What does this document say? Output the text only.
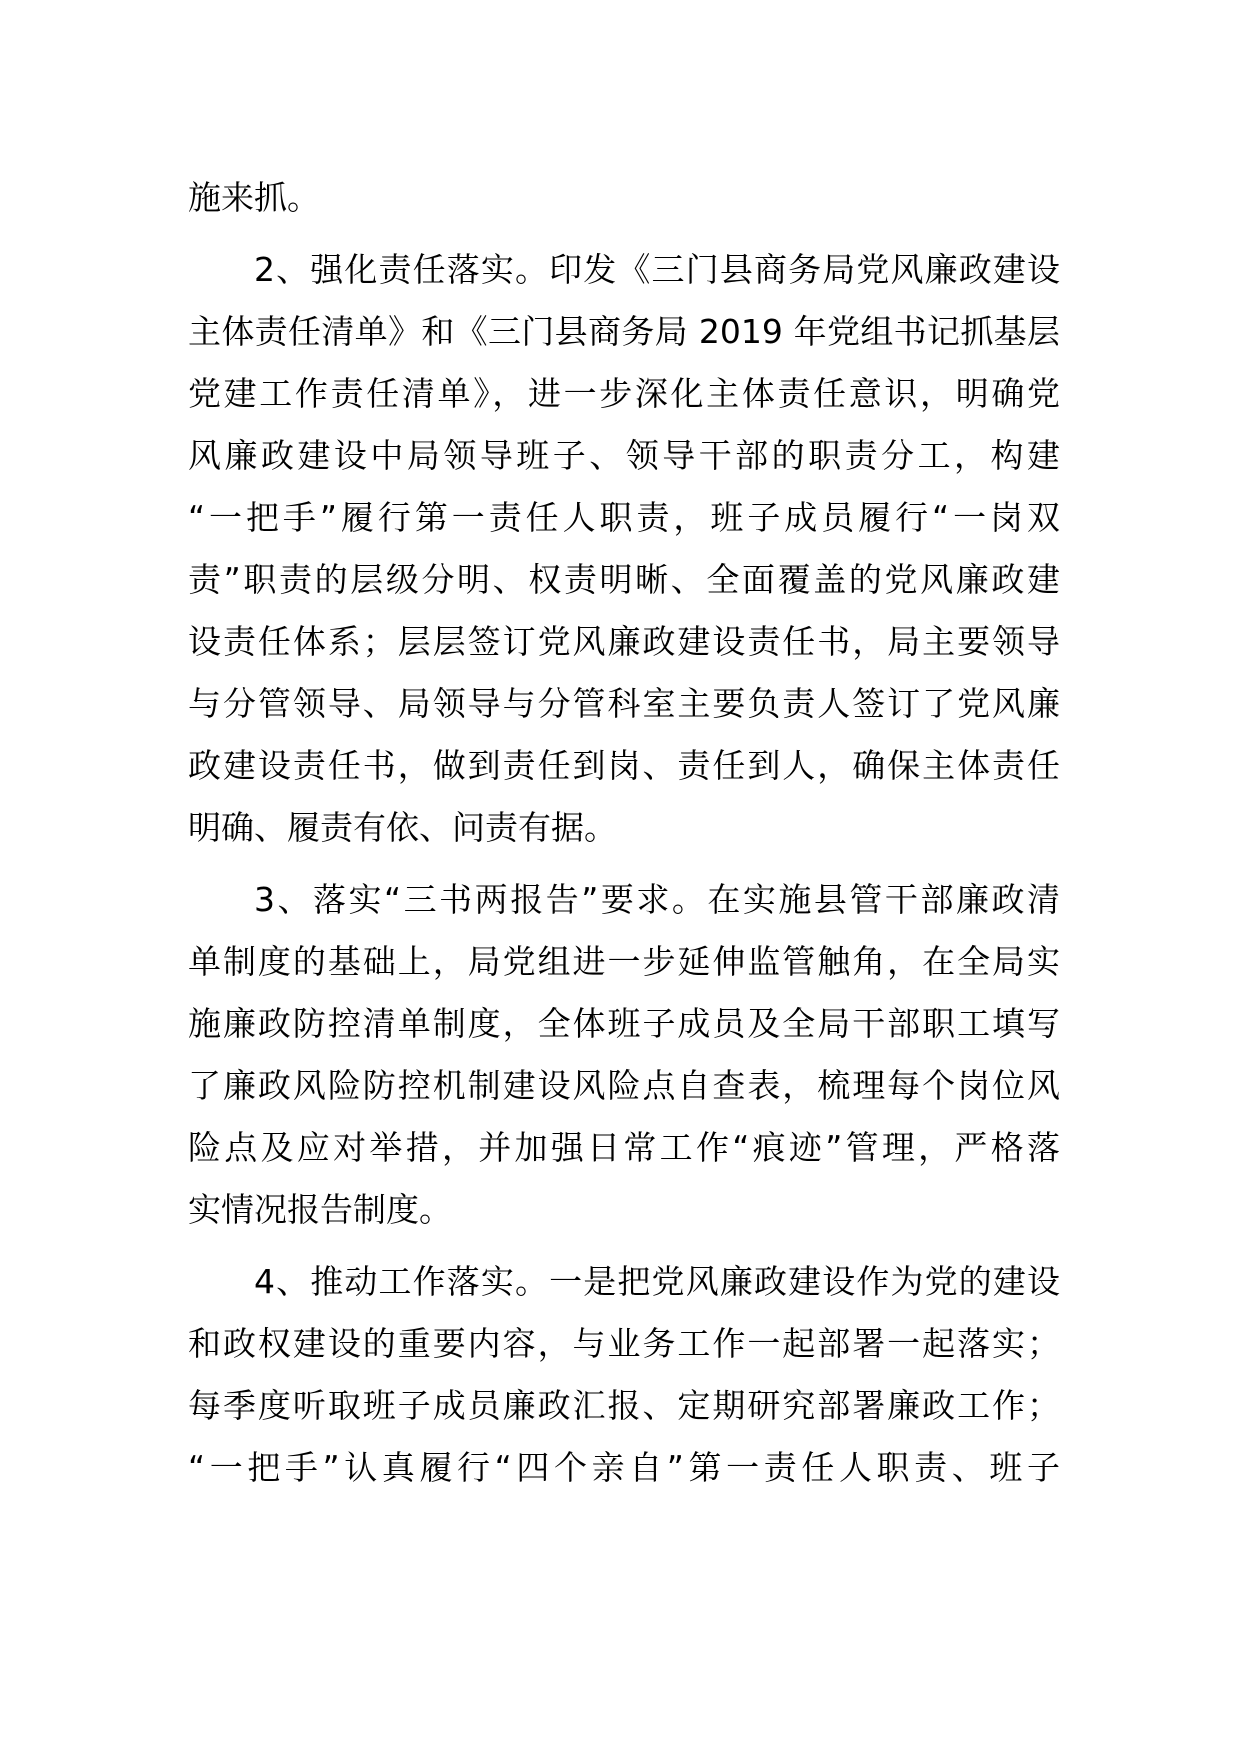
施来抓。
2、强化责任落实。印发《三门县商务局党风廉政建设
主体责任清单》和《三门县商务局 2019 年党组书记抓基层
党建工作责任清单》，进一步深化主体责任意识，明确党
风廉政建设中局领导班子、领导干部的职责分工，构建
“一把手”履行第一责任人职责，班子成员履行“一岗双
责”职责的层级分明、权责明晰、全面覆盖的党风廉政建
设责任体系；层层签订党风廉政建设责任书，局主要领导
与分管领导、局领导与分管科室主要负责人签订了党风廉
政建设责任书，做到责任到岗、责任到人，确保主体责任
明确、履责有依、问责有据。
3、落实“三书两报告”要求。在实施县管干部廉政清
单制度的基础上，局党组进一步延伸监管触角，在全局实
施廉政防控清单制度，全体班子成员及全局干部职工填写
了廉政风险防控机制建设风险点自查表，梳理每个岗位风
险点及应对举措，并加强日常工作“痕迹”管理，严格落
实情况报告制度。
4、推动工作落实。一是把党风廉政建设作为党的建设
和政权建设的重要内容，与业务工作一起部署一起落实；
每季度听取班子成员廉政汇报、定期研究部署廉政工作；
“一把手”认真履行“四个亲自”第一责任人职责、班子
